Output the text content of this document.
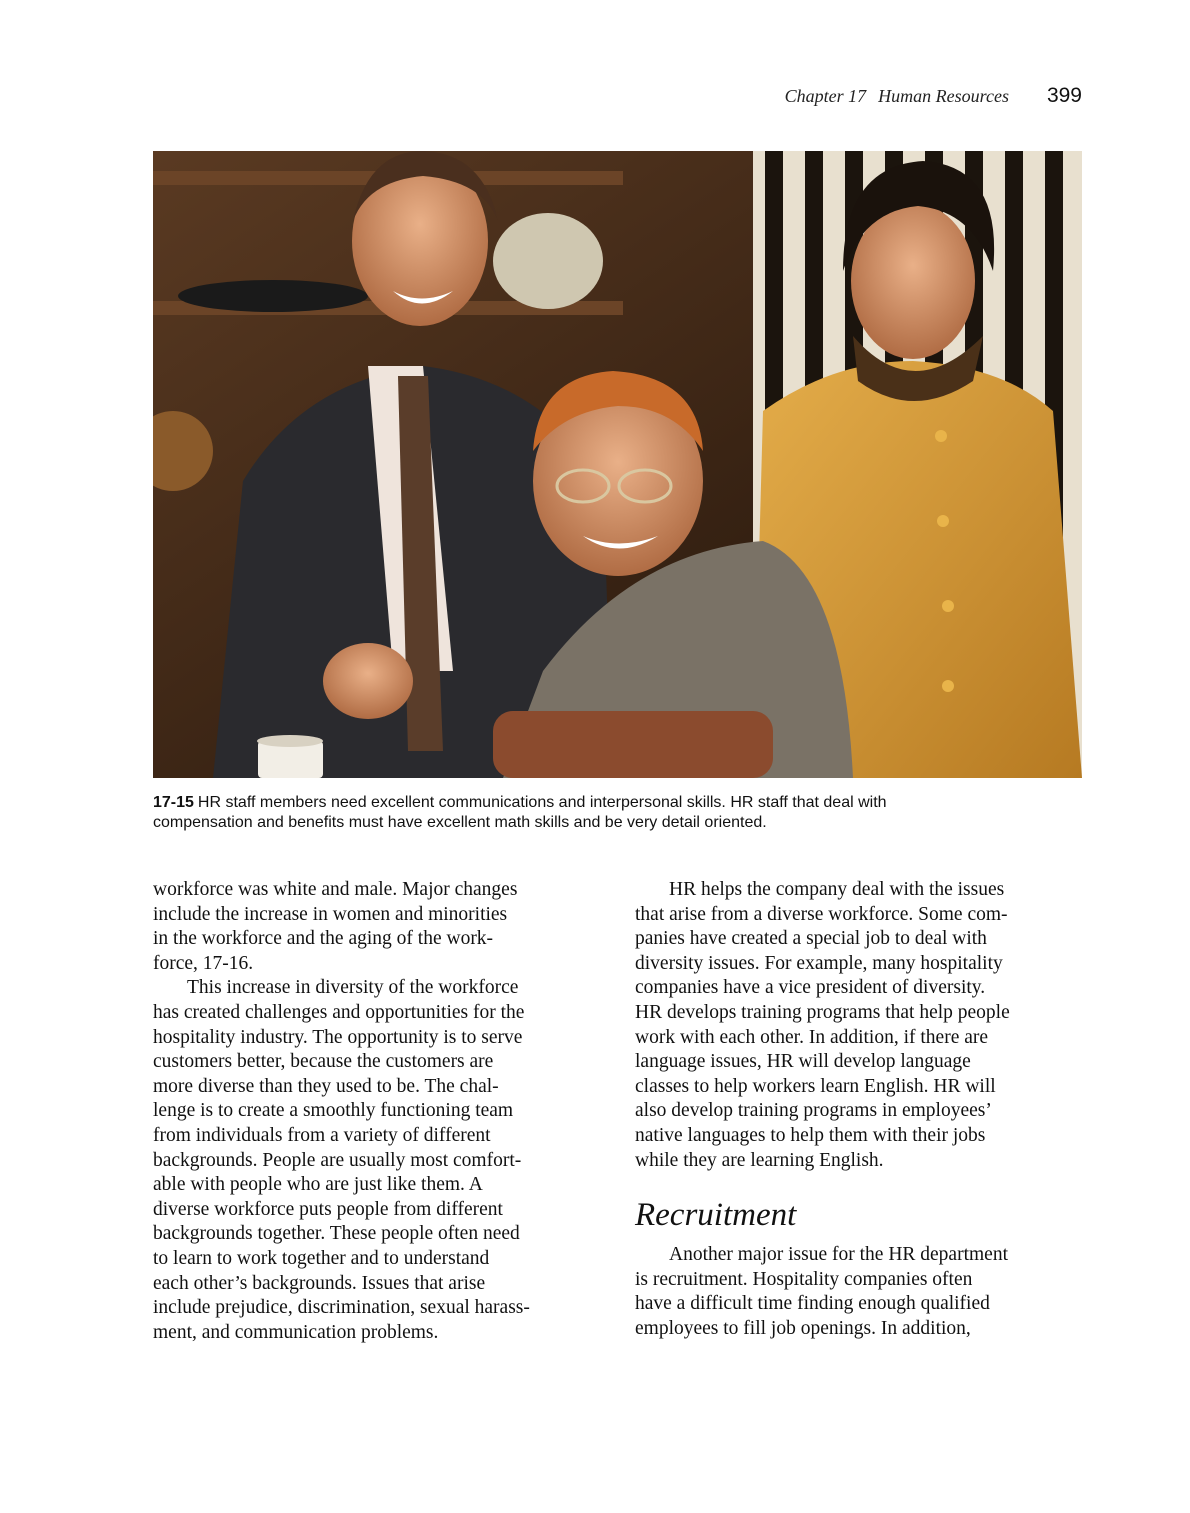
Chapter 17 Human Resources 399
17-15 HR staff members need excellent communications and interpersonal skills. HR staff that deal with
compensation and benefits must have excellent math skills and be very detail oriented.
workforce was white and male. Major changes
include the increase in women and minorities
in the workforce and the aging of the work-
force, 17-16.
This increase in diversity of the workforce
has created challenges and opportunities for the
hospitality industry. The opportunity is to serve
customers better, because the customers are
more diverse than they used to be. The chal-
lenge is to create a smoothly functioning team
from individuals from a variety of different
backgrounds. People are usually most comfort-
able with people who are just like them. A
diverse workforce puts people from different
backgrounds together. These people often need
to learn to work together and to understand
each other’s backgrounds. Issues that arise
include prejudice, discrimination, sexual harass-
ment, and communication problems.
HR helps the company deal with the issues
that arise from a diverse workforce. Some com-
panies have created a special job to deal with
diversity issues. For example, many hospitality
companies have a vice president of diversity.
HR develops training programs that help people
work with each other. In addition, if there are
language issues, HR will develop language
classes to help workers learn English. HR will
also develop training programs in employees’
native languages to help them with their jobs
while they are learning English.
Recruitment
Another major issue for the HR department
is recruitment. Hospitality companies often
have a difficult time finding enough qualified
employees to fill job openings. In addition,
